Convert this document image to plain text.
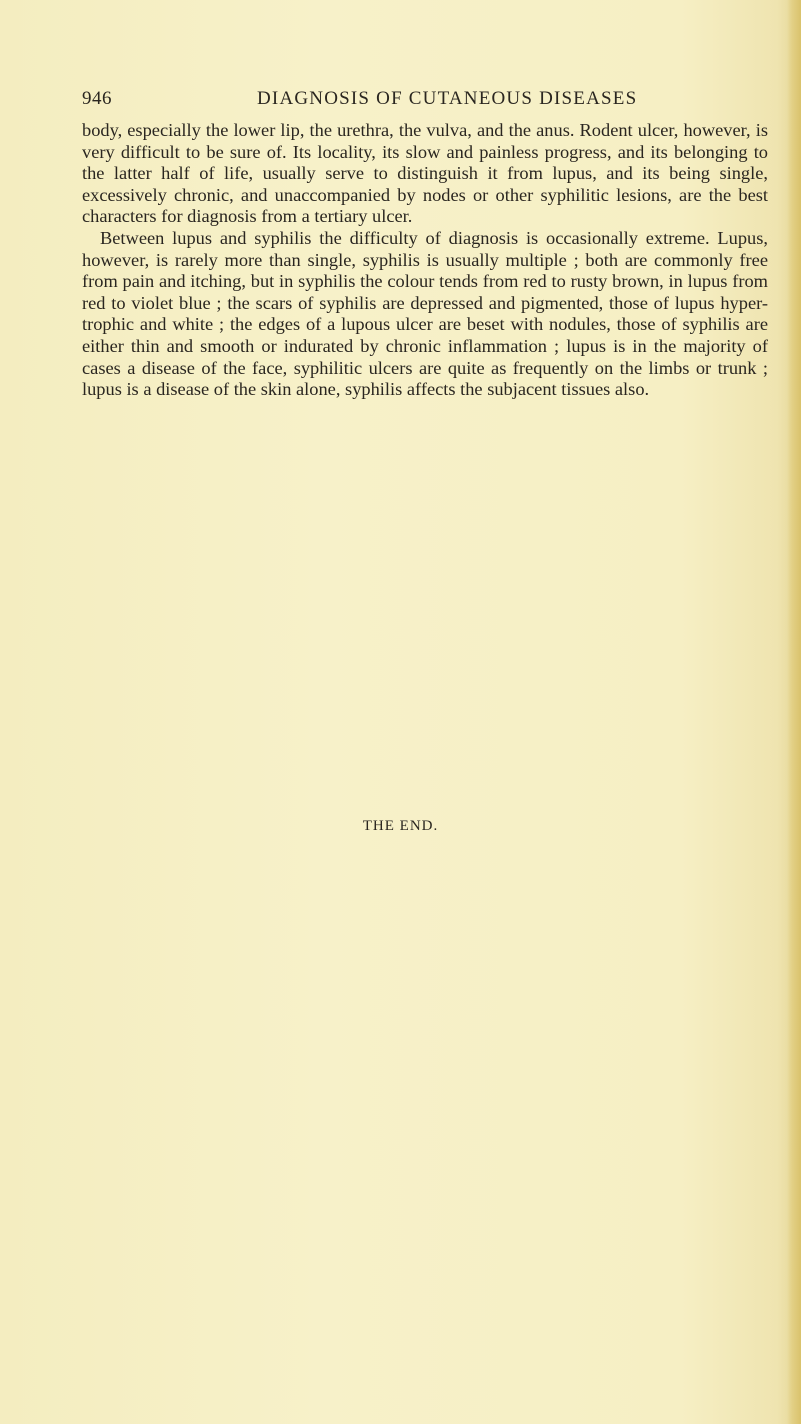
946	DIAGNOSIS OF CUTANEOUS DISEASES

body, especially the lower lip, the urethra, the vulva, and the anus. Rodent ulcer, however, is very difficult to be sure of. Its locality, its slow and painless progress, and its belonging to the latter half of life, usually serve to distinguish it from lupus, and its being single, excessively chronic, and unaccompanied by nodes or other syphilitic lesions, are the best characters for diagnosis from a tertiary ulcer.

Between lupus and syphilis the difficulty of diagnosis is occasionally extreme. Lupus, however, is rarely more than single, syphilis is usually multiple ; both are commonly free from pain and itching, but in syphilis the colour tends from red to rusty brown, in lupus from red to violet blue ; the scars of syphilis are depressed and pigmented, those of lupus hyper-trophic and white ; the edges of a lupous ulcer are beset with nodules, those of syphilis are either thin and smooth or indurated by chronic inflammation ; lupus is in the majority of cases a disease of the face, syphilitic ulcers are quite as frequently on the limbs or trunk ; lupus is a disease of the skin alone, syphilis affects the subjacent tissues also.

THE END.
